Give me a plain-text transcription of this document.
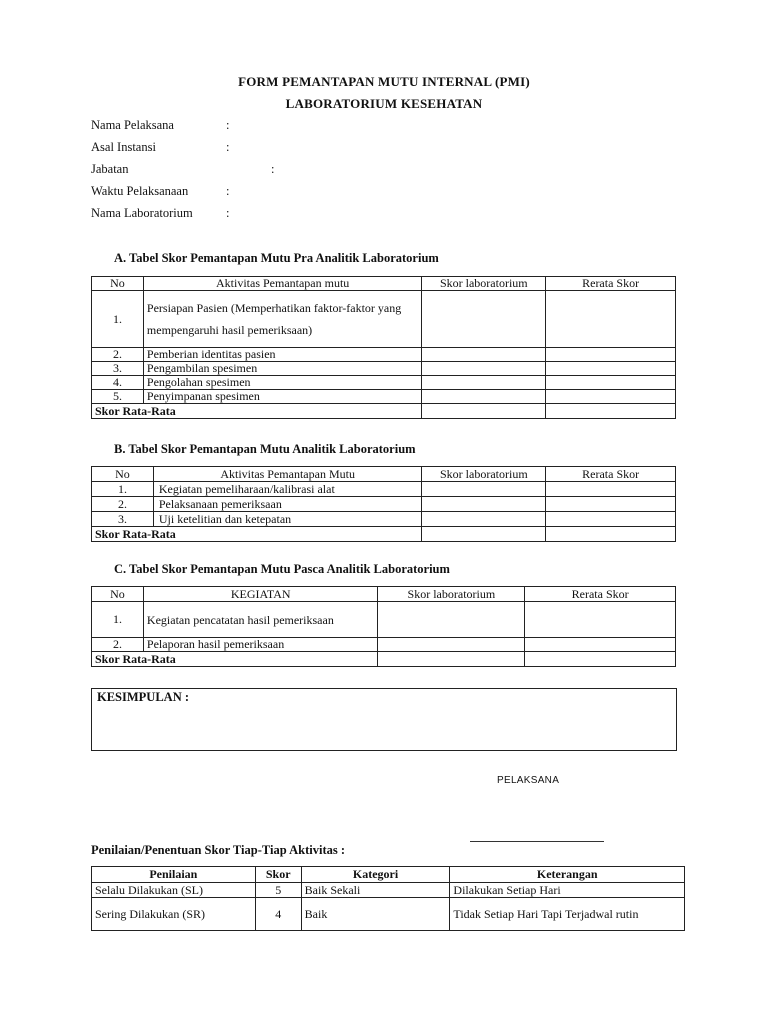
FORM PEMANTAPAN MUTU INTERNAL (PMI)
LABORATORIUM KESEHATAN
Nama Pelaksana	:
Asal Instansi	:
Jabatan	:
Waktu Pelaksanaan	:
Nama Laboratorium	:
A. Tabel Skor Pemantapan Mutu Pra Analitik Laboratorium
No	Aktivitas Pemantapan mutu	Skor laboratorium	Rerata Skor
1.	Persiapan Pasien (Memperhatikan faktor-faktor yang mempengaruhi hasil pemeriksaan)		
2.	Pemberian identitas pasien		
3.	Pengambilan spesimen		
4.	Pengolahan spesimen		
5.	Penyimpanan spesimen		
Skor Rata-Rata			
B. Tabel Skor Pemantapan Mutu Analitik Laboratorium
No	Aktivitas Pemantapan Mutu	Skor laboratorium	Rerata Skor
1.	Kegiatan pemeliharaan/kalibrasi alat		
2.	Pelaksanaan pemeriksaan		
3.	Uji ketelitian dan ketepatan		
Skor Rata-Rata			
C. Tabel Skor Pemantapan Mutu Pasca Analitik Laboratorium
No	KEGIATAN	Skor laboratorium	Rerata Skor
1.	Kegiatan pencatatan hasil pemeriksaan		
2.	Pelaporan hasil pemeriksaan		
Skor Rata-Rata			
KESIMPULAN :
PELAKSANA
Penilaian/Penentuan Skor Tiap-Tiap Aktivitas :
Penilaian	Skor	Kategori	Keterangan
Selalu Dilakukan (SL)	5	Baik Sekali	Dilakukan Setiap Hari
Sering Dilakukan (SR)	4	Baik	Tidak Setiap Hari Tapi Terjadwal rutin
